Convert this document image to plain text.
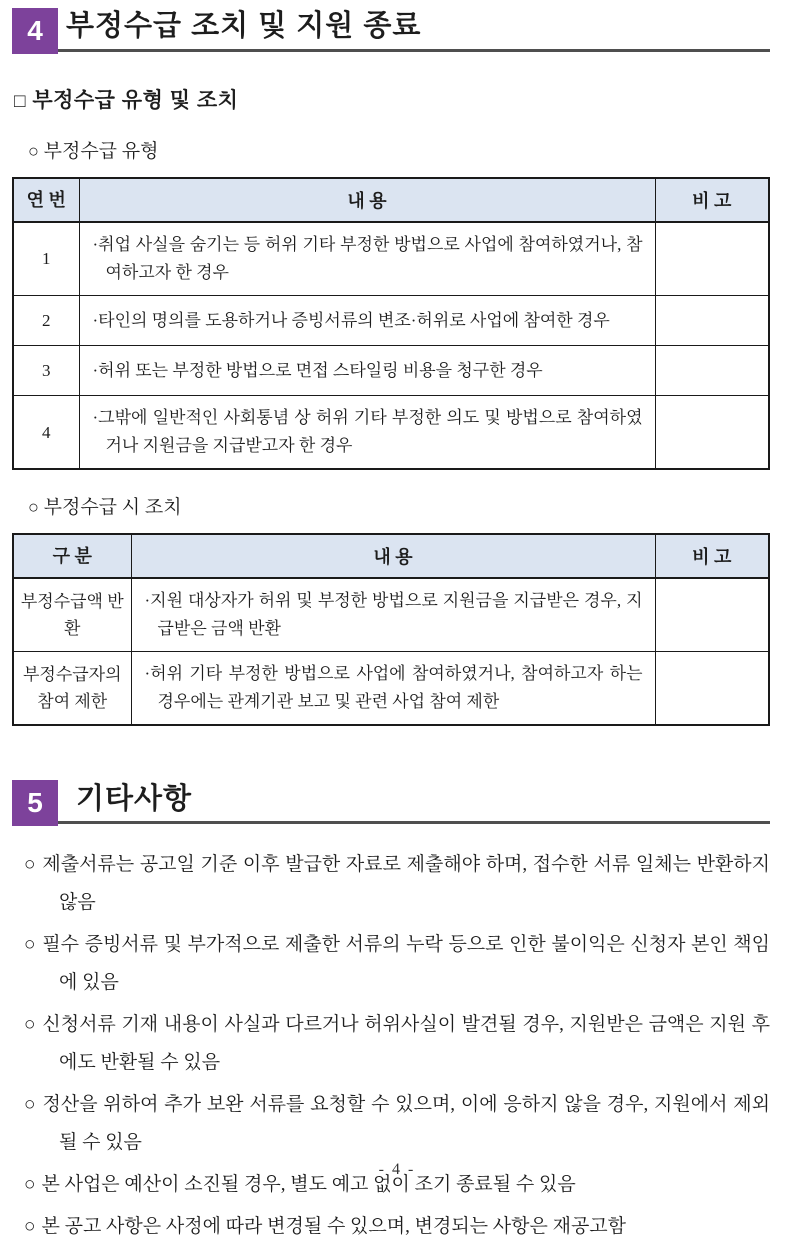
4 부정수급 조치 및 지원 종료
□ 부정수급 유형 및 조치
○ 부정수급 유형
연 번	내 용	비 고
1	·취업 사실을 숨기는 등 허위 기타 부정한 방법으로 사업에 참여하였거나, 참여하고자 한 경우	
2	·타인의 명의를 도용하거나 증빙서류의 변조·허위로 사업에 참여한 경우	
3	·허위 또는 부정한 방법으로 면접 스타일링 비용을 청구한 경우	
4	·그밖에 일반적인 사회통념 상 허위 기타 부정한 의도 및 방법으로 참여하였거나 지원금을 지급받고자 한 경우	
○ 부정수급 시 조치
구 분	내 용	비 고
부정수급액 반환	·지원 대상자가 허위 및 부정한 방법으로 지원금을 지급받은 경우, 지급받은 금액 반환	
부정수급자의 참여 제한	·허위 기타 부정한 방법으로 사업에 참여하였거나, 참여하고자 하는 경우에는 관계기관 보고 및 관련 사업 참여 제한	
5	기타사항

○제출서류는 공고일 기준 이후 발급한 자료로 제출해야 하며, 접수한 서류 일체는 반환하지 않음

○필수 증빙서류 및 부가적으로 제출한 서류의 누락 등으로 인한 불이익은 신청자 본인 책임에 있음

○신청서류 기재 내용이 사실과 다르거나 허위사실이 발견될 경우, 지원받은 금액은 지원 후에도 반환될 수 있음

○정산을 위하여 추가 보완 서류를 요청할 수 있으며, 이에 응하지 않을 경우, 지원에서 제외될 수 있음

○본 사업은 예산이 소진될 경우, 별도 예고 없이 조기 종료될 수 있음

○본 공고 사항은 사정에 따라 변경될 수 있으며, 변경되는 사항은 재공고함

- 4 -
